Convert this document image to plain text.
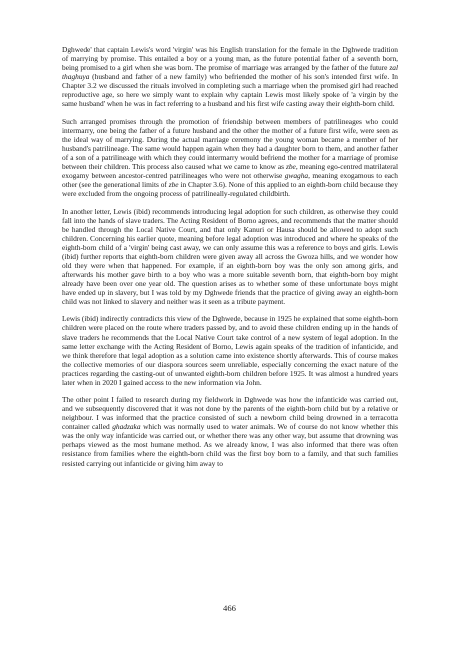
Dghwede' that captain Lewis's word 'virgin' was his English translation for the female in the Dghwede tradition of marrying by promise. This entailed a boy or a young man, as the future potential father of a seventh born, being promised to a girl when she was born. The promise of marriage was arranged by the father of the future zal thaghuya (husband and father of a new family) who befriended the mother of his son's intended first wife. In Chapter 3.2 we discussed the rituals involved in completing such a marriage when the promised girl had reached reproductive age, so here we simply want to explain why captain Lewis most likely spoke of 'a virgin by the same husband' when he was in fact referring to a husband and his first wife casting away their eighth-born child.

Such arranged promises through the promotion of friendship between members of patrilineages who could intermarry, one being the father of a future husband and the other the mother of a future first wife, were seen as the ideal way of marrying. During the actual marriage ceremony the young woman became a member of her husband's patrilineage. The same would happen again when they had a daughter born to them, and another father of a son of a patrilineage with which they could intermarry would befriend the mother for a marriage of promise between their children. This process also caused what we came to know as zbe, meaning ego-centred matrilateral exogamy between ancestor-centred patrilineages who were not otherwise gwagha, meaning exogamous to each other (see the generational limits of zbe in Chapter 3.6). None of this applied to an eighth-born child because they were excluded from the ongoing process of patrilineally-regulated childbirth.

In another letter, Lewis (ibid) recommends introducing legal adoption for such children, as otherwise they could fall into the hands of slave traders. The Acting Resident of Borno agrees, and recommends that the matter should be handled through the Local Native Court, and that only Kanuri or Hausa should be allowed to adopt such children. Concerning his earlier quote, meaning before legal adoption was introduced and where he speaks of the eighth-born child of a 'virgin' being cast away, we can only assume this was a reference to boys and girls. Lewis (ibid) further reports that eighth-born children were given away all across the Gwoza hills, and we wonder how old they were when that happened. For example, if an eighth-born boy was the only son among girls, and afterwards his mother gave birth to a boy who was a more suitable seventh born, that eighth-born boy might already have been over one year old. The question arises as to whether some of these unfortunate boys might have ended up in slavery, but I was told by my Dghwede friends that the practice of giving away an eighth-born child was not linked to slavery and neither was it seen as a tribute payment.

Lewis (ibid) indirectly contradicts this view of the Dghwede, because in 1925 he explained that some eighth-born children were placed on the route where traders passed by, and to avoid these children ending up in the hands of slave traders he recommends that the Local Native Court take control of a new system of legal adoption. In the same letter exchange with the Acting Resident of Borno, Lewis again speaks of the tradition of infanticide, and we think therefore that legal adoption as a solution came into existence shortly afterwards. This of course makes the collective memories of our diaspora sources seem unreliable, especially concerning the exact nature of the practices regarding the casting-out of unwanted eighth-born children before 1925. It was almost a hundred years later when in 2020 I gained access to the new information via John.

The other point I failed to research during my fieldwork in Dghwede was how the infanticide was carried out, and we subsequently discovered that it was not done by the parents of the eighth-born child but by a relative or neighbour. I was informed that the practice consisted of such a newborn child being drowned in a terracotta container called ghadzaka which was normally used to water animals. We of course do not know whether this was the only way infanticide was carried out, or whether there was any other way, but assume that drowning was perhaps viewed as the most humane method. As we already know, I was also informed that there was often resistance from families where the eighth-born child was the first boy born to a family, and that such families resisted carrying out infanticide or giving him away to

466
